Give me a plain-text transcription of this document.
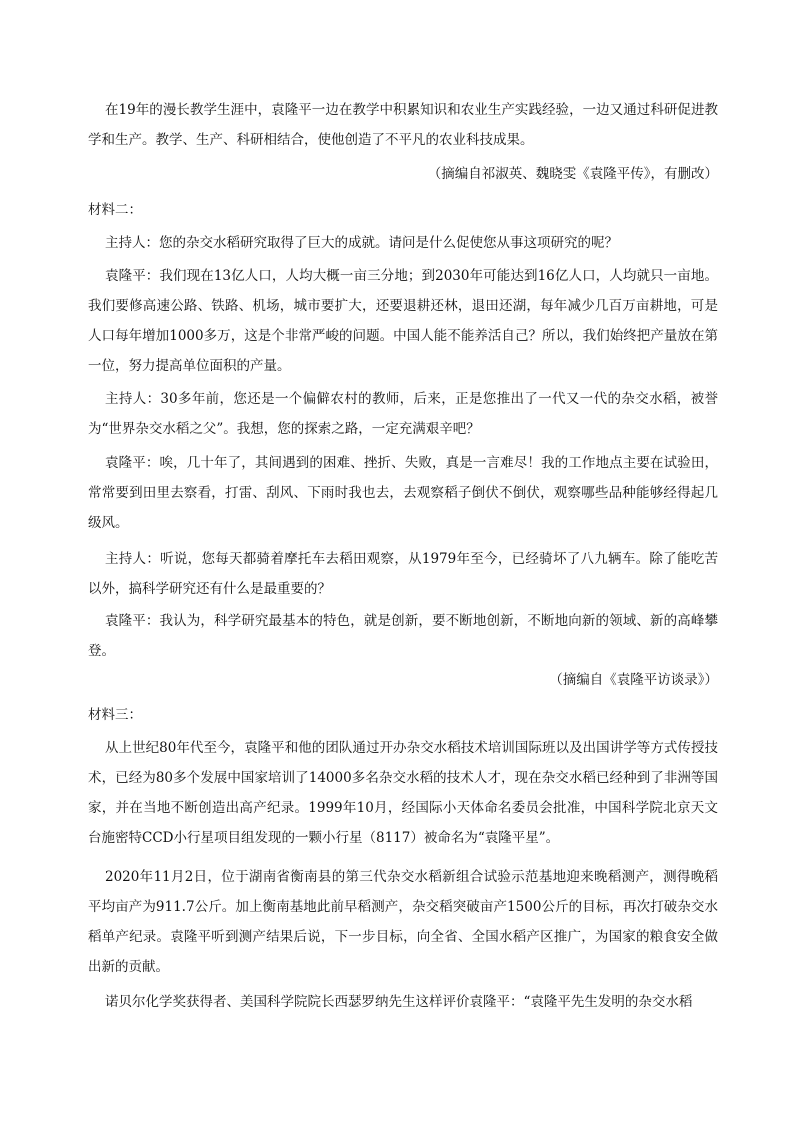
在19年的漫长教学生涯中，袁隆平一边在教学中积累知识和农业生产实践经验，一边又通过科研促进教学和生产。教学、生产、科研相结合，使他创造了不平凡的农业科技成果。

（摘编自祁淑英、魏晓雯《袁隆平传》，有删改）

材料二：

主持人：您的杂交水稻研究取得了巨大的成就。请问是什么促使您从事这项研究的呢？

袁隆平：我们现在13亿人口，人均大概一亩三分地；到2030年可能达到16亿人口，人均就只一亩地。我们要修高速公路、铁路、机场，城市要扩大，还要退耕还林，退田还湖，每年减少几百万亩耕地，可是人口每年增加1000多万，这是个非常严峻的问题。中国人能不能养活自己？所以，我们始终把产量放在第一位，努力提高单位面积的产量。

主持人：30多年前，您还是一个偏僻农村的教师，后来，正是您推出了一代又一代的杂交水稻，被誉为“世界杂交水稻之父”。我想，您的探索之路，一定充满艰辛吧？

袁隆平：唉，几十年了，其间遇到的困难、挫折、失败，真是一言难尽！我的工作地点主要在试验田，常常要到田里去察看，打雷、刮风、下雨时我也去，去观察稻子倒伏不倒伏，观察哪些品种能够经得起几级风。

主持人：听说，您每天都骑着摩托车去稻田观察，从1979年至今，已经骑坏了八九辆车。除了能吃苦以外，搞科学研究还有什么是最重要的？

袁隆平：我认为，科学研究最基本的特色，就是创新，要不断地创新，不断地向新的领域、新的高峰攀登。

（摘编自《袁隆平访谈录》）

材料三：

从上世纪80年代至今，袁隆平和他的团队通过开办杂交水稻技术培训国际班以及出国讲学等方式传授技术，已经为80多个发展中国家培训了14000多名杂交水稻的技术人才，现在杂交水稻已经种到了非洲等国家，并在当地不断创造出高产纪录。1999年10月，经国际小天体命名委员会批准，中国科学院北京天文台施密特CCD小行星项目组发现的一颗小行星（8117）被命名为“袁隆平星”。

2020年11月2日，位于湖南省衡南县的第三代杂交水稻新组合试验示范基地迎来晚稻测产，测得晚稻平均亩产为911.7公斤。加上衡南基地此前早稻测产，杂交稻突破亩产1500公斤的目标，再次打破杂交水稻单产纪录。袁隆平听到测产结果后说，下一步目标，向全省、全国水稻产区推广，为国家的粮食安全做出新的贡献。

诺贝尔化学奖获得者、美国科学院院长西瑟罗纳先生这样评价袁隆平：“袁隆平先生发明的杂交水稻
